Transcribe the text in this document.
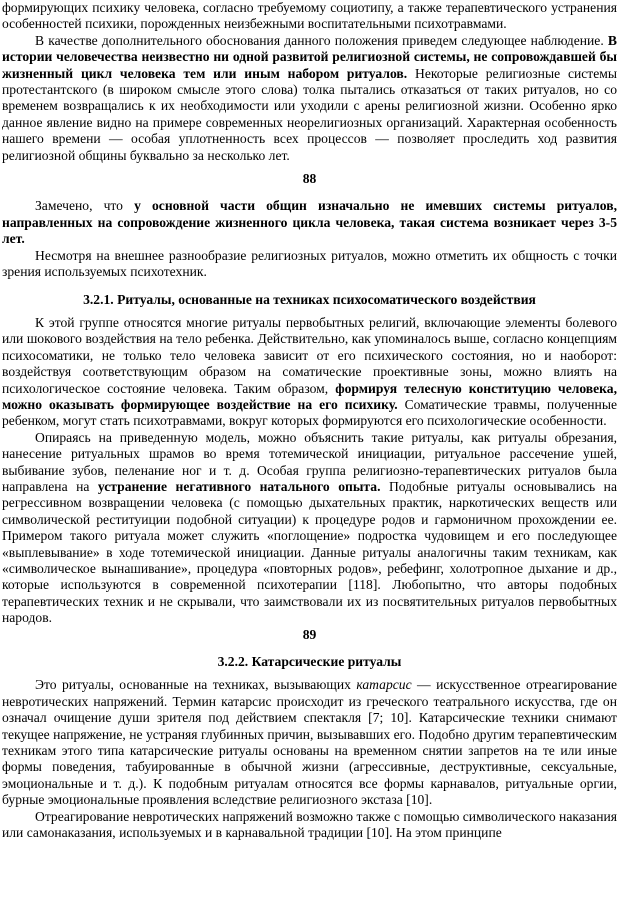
формирующих психику человека, согласно требуемому социотипу, а также терапевтического устранения особенностей психики, порожденных неизбежными воспитательными психотравмами.

В качестве дополнительного обоснования данного положения приведем следующее наблюдение. В истории человечества неизвестно ни одной развитой религиозной системы, не сопровождавшей бы жизненный цикл человека тем или иным набором ритуалов. Некоторые религиозные системы протестантского (в широком смысле этого слова) толка пытались отказаться от таких ритуалов, но со временем возвращались к их необходимости или уходили с арены религиозной жизни. Особенно ярко данное явление видно на примере современных неорелигиозных организаций. Характерная особенность нашего времени — особая уплотненность всех процессов — позволяет проследить ход развития религиозной общины буквально за несколько лет.

88

Замечено, что у основной части общин изначально не имевших системы ритуалов, направленных на сопровождение жизненного цикла человека, такая система возникает через 3-5 лет.

Несмотря на внешнее разнообразие религиозных ритуалов, можно отметить их общность с точки зрения используемых психотехник.

3.2.1. Ритуалы, основанные на техниках психосоматического воздействия

К этой группе относятся многие ритуалы первобытных религий, включающие элементы болевого или шокового воздействия на тело ребенка. Действительно, как упоминалось выше, согласно концепциям психосоматики, не только тело человека зависит от его психического состояния, но и наоборот: воздействуя соответствующим образом на соматические проективные зоны, можно влиять на психологическое состояние человека. Таким образом, формируя телесную конституцию человека, можно оказывать формирующее воздействие на его психику. Соматические травмы, полученные ребенком, могут стать психотравмами, вокруг которых формируются его психологические особенности.

Опираясь на приведенную модель, можно объяснить такие ритуалы, как ритуалы обрезания, нанесение ритуальных шрамов во время тотемической инициации, ритуальное рассечение ушей, выбивание зубов, пеленание ног и т. д. Особая группа религиозно-терапевтических ритуалов была направлена на устранение негативного натального опыта. Подобные ритуалы основывались на регрессивном возвращении человека (с помощью дыхательных практик, наркотических веществ или символической реституиции подобной ситуации) к процедуре родов и гармоничном прохождении ее. Примером такого ритуала может служить «поглощение» подростка чудовищем и его последующее «выплевывание» в ходе тотемической инициации. Данные ритуалы аналогичны таким техникам, как «символическое вынашивание», процедура «повторных родов», ребефинг, холотропное дыхание и др., которые используются в современной психотерапии [118]. Любопытно, что авторы подобных терапевтических техник и не скрывали, что заимствовали их из посвятительных ритуалов первобытных народов.

89

3.2.2. Катарсические ритуалы

Это ритуалы, основанные на техниках, вызывающих катарсис — искусственное отреагирование невротических напряжений. Термин катарсис происходит из греческого театрального искусства, где он означал очищение души зрителя под действием спектакля [7; 10]. Катарсические техники снимают текущее напряжение, не устраняя глубинных причин, вызывавших его. Подобно другим терапевтическим техникам этого типа катарсические ритуалы основаны на временном снятии запретов на те или иные формы поведения, табуированные в обычной жизни (агрессивные, деструктивные, сексуальные, эмоциональные и т. д.). К подобным ритуалам относятся все формы карнавалов, ритуальные оргии, бурные эмоциональные проявления вследствие религиозного экстаза [10].

Отреагирование невротических напряжений возможно также с помощью символического наказания или самонаказания, используемых и в карнавальной традиции [10]. На этом принципе
